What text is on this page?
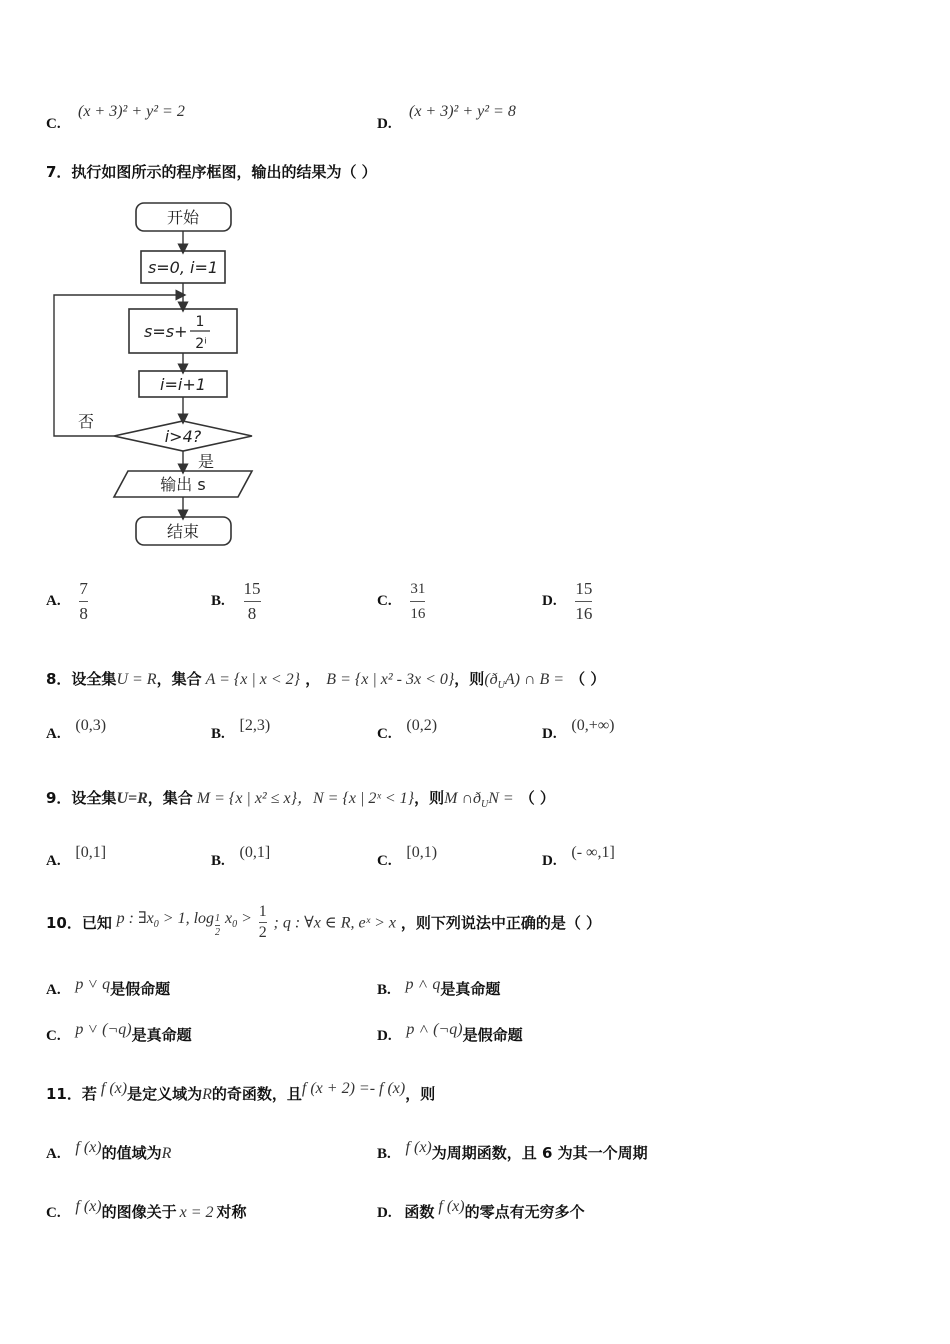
C.
(x + 3)² + y² = 2
D.
(x + 3)² + y² = 8
7．执行如图所示的程序框图，输出的结果为（ ）
开始
s=0, i=1
s=s+ 1
2ⁱ
i=i+1
i>4?
否
是
输出 s
结束
A. $\frac{7}{8}$	B. $\frac{15}{8}$	C. $\frac{31}{16}$	D. $\frac{15}{16}$
8．设全集U = R，集合 A = {x | x < 2} ， B = {x | x² - 3x < 0}，则$(ð_UA)$ ∩ B = （ ）
A. (0,3)	B. [2,3)	C. (0,2)	D. (0,+∞)
9．设全集U=R，集合 M = {x | x² ≤ x}，N = {x | 2ˣ < 1}，则M $\cap ð_UN$ = （ ）
A. [0,1]	B. (0,1]	C. [0,1)	D. (- ∞,1]
10．已知 p : $\exists x_0 > 1$, $\log \frac{1}{2} x_0 > \frac{1}{2}$ ; q : ∀x ∈ R, eˣ > x ，则下列说法中正确的是（ ）
A. p ˅ q是假命题	B. p ˄ q是真命题
C. p ˅ (¬q)是真命题	D. p ˄ (¬q)是假命题
11．若 f (x)是定义域为R的奇函数，且f (x + 2) =- f (x)，则
A. f (x)的值域为R	B. f (x)为周期函数，且 6 为其一个周期
C. f (x)的图像关于 x = 2 对称	D. 函数 f (x)的零点有无穷多个
